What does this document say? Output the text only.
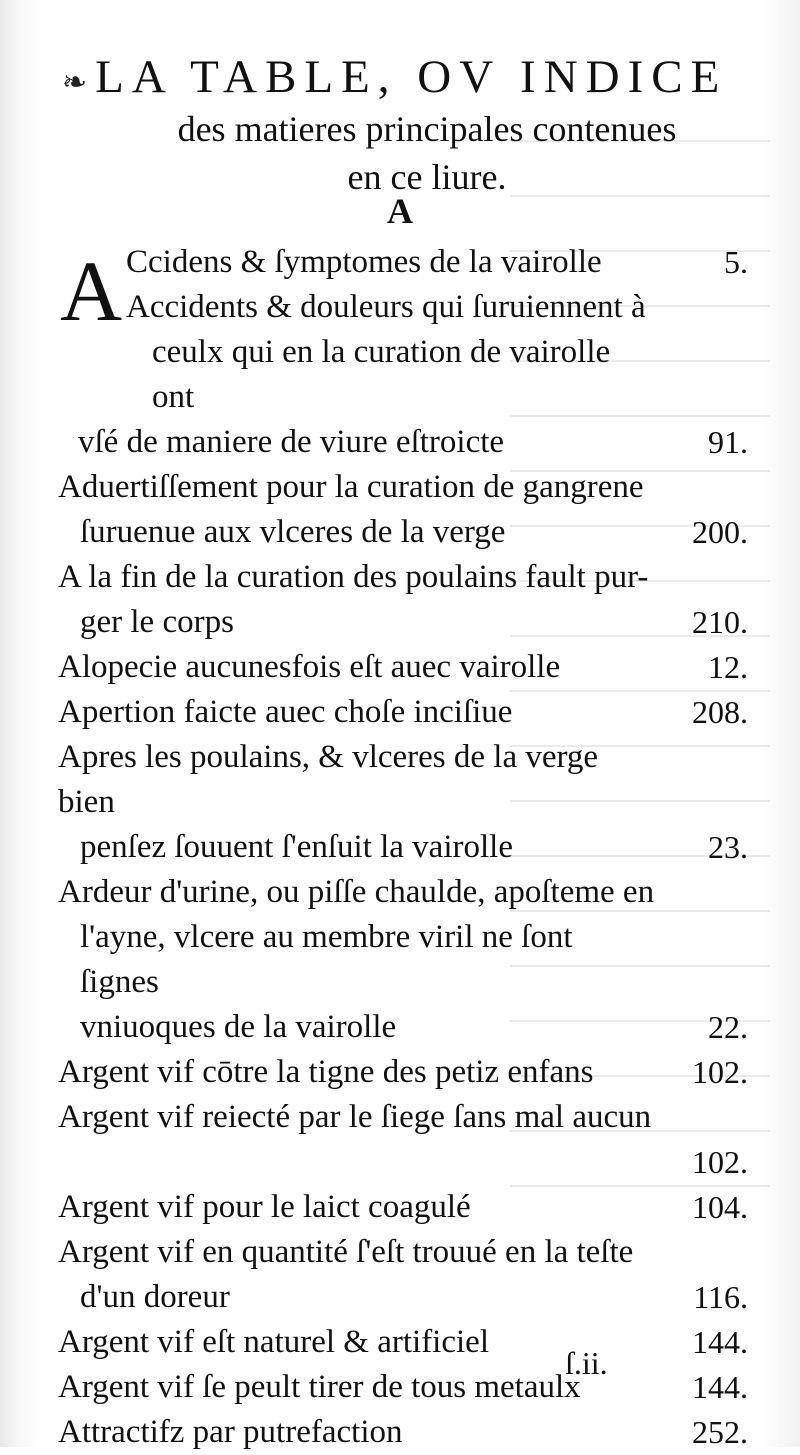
❧ LA TABLE, OV INDICE
des matieres principales contenues
en ce liure.
A
A Ccidens & ſymptomes de la vairolle	5.
Accidents & douleurs qui ſuruiennent à
ceulx qui en la curation de vairolle ont
vſé de maniere de viure eſtroicte	91.
Aduertiſſement pour la curation de gangrene
ſuruenue aux vlceres de la verge	200.
A la fin de la curation des poulains fault pur-
ger le corps	210.
Alopecie aucunesfois eſt auec vairolle	12.
Apertion faicte auec choſe inciſiue	208.
Apres les poulains, & vlceres de la verge bien
penſez ſouuent ſ'enſuit la vairolle	23.
Ardeur d'urine, ou piſſe chaulde, apoſteme en
l'ayne, vlcere au membre viril ne ſont ſignes
vniuoques de la vairolle	22.
Argent vif cōtre la tigne des petiz enfans	102.
Argent vif reiecté par le ſiege ſans mal aucun

102.
Argent vif pour le laict coagulé	104.
Argent vif en quantité ſ'eſt trouué en la teſte
d'un doreur	116.
Argent vif eſt naturel & artificiel	144.
Argent vif ſe peult tirer de tous metaulx	144.
Attractifz par putrefaction	252.
ſ.ii.
